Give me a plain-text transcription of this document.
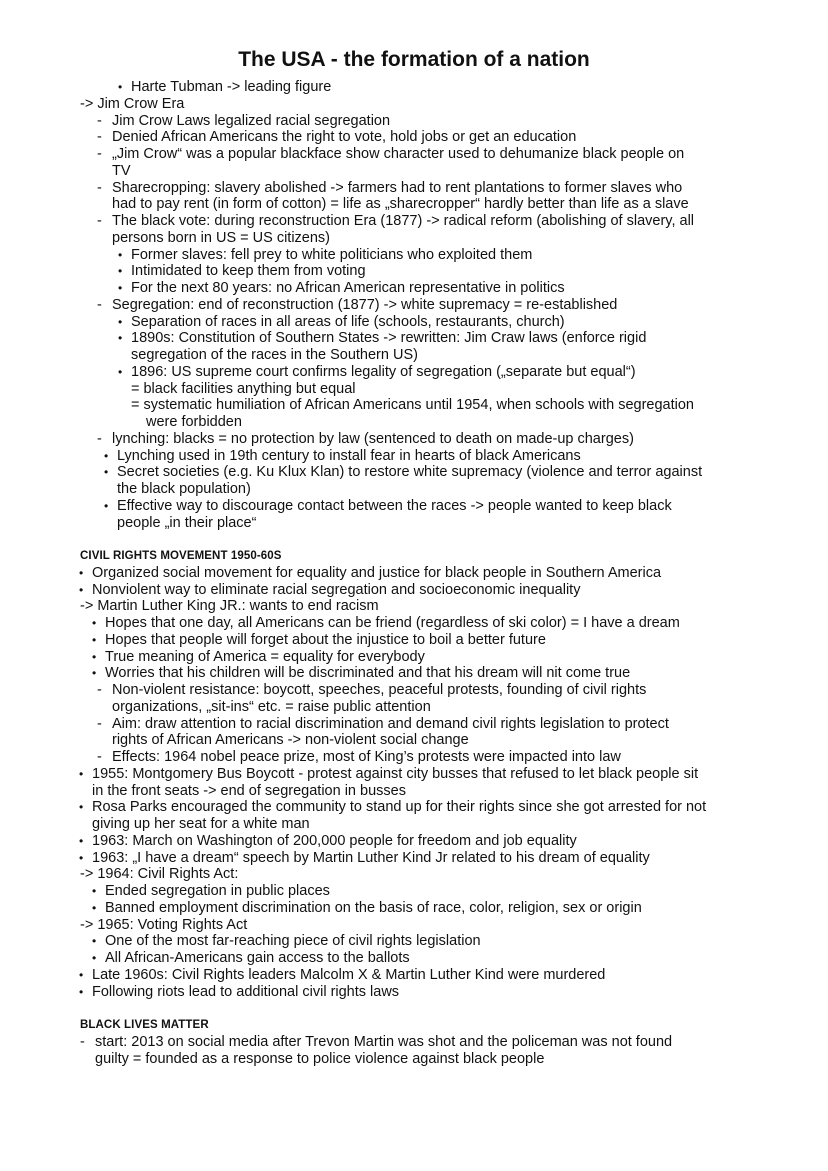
The USA - the formation of a nation
• Harte Tubman -> leading figure
-> Jim Crow Era
- Jim Crow Laws legalized racial segregation
- Denied African Americans the right to vote, hold jobs or get an education
- „Jim Crow“ was a popular blackface show character used to dehumanize black people on
TV
- Sharecropping: slavery abolished -> farmers had to rent plantations to former slaves who
had to pay rent (in form of cotton) = life as „sharecropper“ hardly better than life as a slave
- The black vote: during reconstruction Era (1877) -> radical reform (abolishing of slavery, all
persons born in US = US citizens)
• Former slaves: fell prey to white politicians who exploited them
• Intimidated to keep them from voting
• For the next 80 years: no African American representative in politics
- Segregation: end of reconstruction (1877) -> white supremacy = re-established
• Separation of races in all areas of life (schools, restaurants, church)
• 1890s: Constitution of Southern States -> rewritten: Jim Craw laws (enforce rigid
segregation of the races in the Southern US)
• 1896: US supreme court confirms legality of segregation („separate but equal“)
= black facilities anything but equal
= systematic humiliation of African Americans until 1954, when schools with segregation
were forbidden
- lynching: blacks = no protection by law (sentenced to death on made-up charges)
• Lynching used in 19th century to install fear in hearts of black Americans
• Secret societies (e.g. Ku Klux Klan) to restore white supremacy (violence and terror against
the black population)
• Effective way to discourage contact between the races -> people wanted to keep black
people „in their place“
CIVIL RIGHTS MOVEMENT 1950-60S
• Organized social movement for equality and justice for black people in Southern America
• Nonviolent way to eliminate racial segregation and socioeconomic inequality
-> Martin Luther King JR.: wants to end racism
• Hopes that one day, all Americans can be friend (regardless of ski color) = I have a dream
• Hopes that people will forget about the injustice to boil a better future
• True meaning of America = equality for everybody
• Worries that his children will be discriminated and that his dream will nit come true
- Non-violent resistance: boycott, speeches, peaceful protests, founding of civil rights
organizations, „sit-ins“ etc. = raise public attention
- Aim: draw attention to racial discrimination and demand civil rights legislation to protect
rights of African Americans -> non-violent social change
- Effects: 1964 nobel peace prize, most of King’s protests were impacted into law
• 1955: Montgomery Bus Boycott - protest against city busses that refused to let black people sit
in the front seats -> end of segregation in busses
• Rosa Parks encouraged the community to stand up for their rights since she got arrested for not
giving up her seat for a white man
• 1963: March on Washington of 200,000 people for freedom and job equality
• 1963: „I have a dream“ speech by Martin Luther Kind Jr related to his dream of equality
-> 1964: Civil Rights Act:
• Ended segregation in public places
• Banned employment discrimination on the basis of race, color, religion, sex or origin
-> 1965: Voting Rights Act
• One of the most far-reaching piece of civil rights legislation
• All African-Americans gain access to the ballots
• Late 1960s: Civil Rights leaders Malcolm X & Martin Luther Kind were murdered
• Following riots lead to additional civil rights laws
BLACK LIVES MATTER
- start: 2013 on social media after Trevon Martin was shot and the policeman was not found
guilty = founded as a response to police violence against black people
